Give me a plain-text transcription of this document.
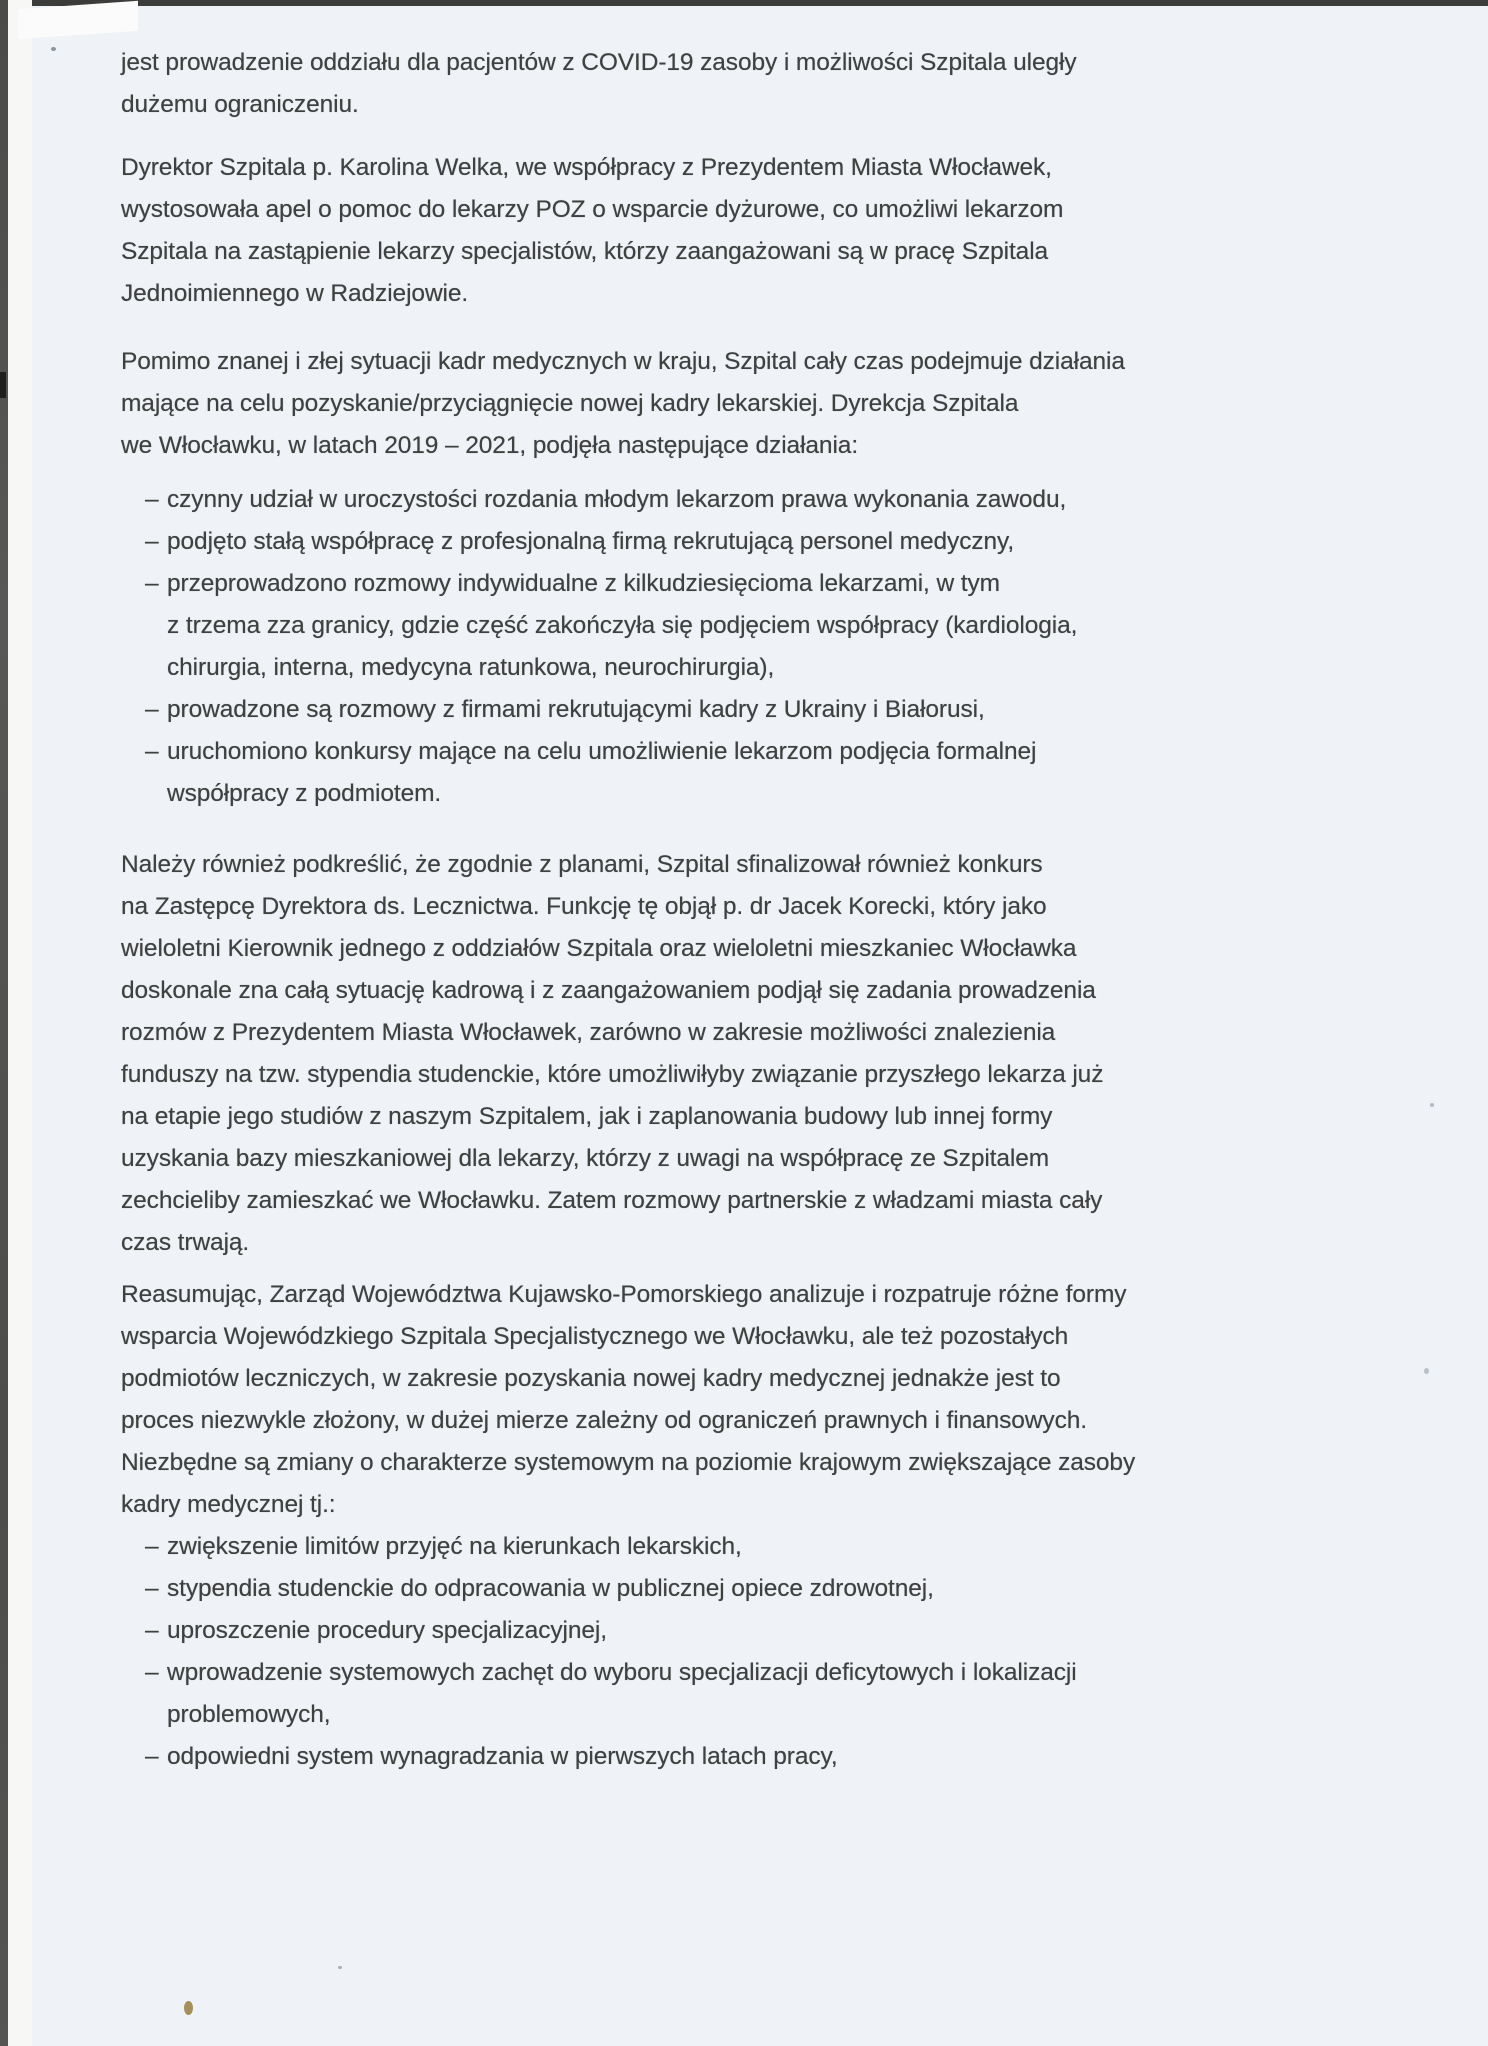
jest prowadzenie oddziału dla pacjentów z COVID-19 zasoby i możliwości Szpitala uległy
dużemu ograniczeniu.
Dyrektor Szpitala p. Karolina Welka, we współpracy z Prezydentem Miasta Włocławek,
wystosowała apel o pomoc do lekarzy POZ o wsparcie dyżurowe, co umożliwi lekarzom
Szpitala na zastąpienie lekarzy specjalistów, którzy zaangażowani są w pracę Szpitala
Jednoimiennego w Radziejowie.
Pomimo znanej i złej sytuacji kadr medycznych w kraju, Szpital cały czas podejmuje działania
mające na celu pozyskanie/przyciągnięcie nowej kadry lekarskiej. Dyrekcja Szpitala
we Włocławku, w latach 2019 – 2021, podjęła następujące działania:
– czynny udział w uroczystości rozdania młodym lekarzom prawa wykonania zawodu,
– podjęto stałą współpracę z profesjonalną firmą rekrutującą personel medyczny,
– przeprowadzono rozmowy indywidualne z kilkudziesięcioma lekarzami, w tym
z trzema zza granicy, gdzie część zakończyła się podjęciem współpracy (kardiologia,
chirurgia, interna, medycyna ratunkowa, neurochirurgia),
– prowadzone są rozmowy z firmami rekrutującymi kadry z Ukrainy i Białorusi,
– uruchomiono konkursy mające na celu umożliwienie lekarzom podjęcia formalnej
współpracy z podmiotem.
Należy również podkreślić, że zgodnie z planami, Szpital sfinalizował również konkurs
na Zastępcę Dyrektora ds. Lecznictwa. Funkcję tę objął p. dr Jacek Korecki, który jako
wieloletni Kierownik jednego z oddziałów Szpitala oraz wieloletni mieszkaniec Włocławka
doskonale zna całą sytuację kadrową i z zaangażowaniem podjął się zadania prowadzenia
rozmów z Prezydentem Miasta Włocławek, zarówno w zakresie możliwości znalezienia
funduszy na tzw. stypendia studenckie, które umożliwiłyby związanie przyszłego lekarza już
na etapie jego studiów z naszym Szpitalem, jak i zaplanowania budowy lub innej formy
uzyskania bazy mieszkaniowej dla lekarzy, którzy z uwagi na współpracę ze Szpitalem
zechcieliby zamieszkać we Włocławku. Zatem rozmowy partnerskie z władzami miasta cały
czas trwają.
Reasumując, Zarząd Województwa Kujawsko-Pomorskiego analizuje i rozpatruje różne formy
wsparcia Wojewódzkiego Szpitala Specjalistycznego we Włocławku, ale też pozostałych
podmiotów leczniczych, w zakresie pozyskania nowej kadry medycznej jednakże jest to
proces niezwykle złożony, w dużej mierze zależny od ograniczeń prawnych i finansowych.
Niezbędne są zmiany o charakterze systemowym na poziomie krajowym zwiększające zasoby
kadry medycznej tj.:
– zwiększenie limitów przyjęć na kierunkach lekarskich,
– stypendia studenckie do odpracowania w publicznej opiece zdrowotnej,
– uproszczenie procedury specjalizacyjnej,
– wprowadzenie systemowych zachęt do wyboru specjalizacji deficytowych i lokalizacji
problemowych,
– odpowiedni system wynagradzania w pierwszych latach pracy,
